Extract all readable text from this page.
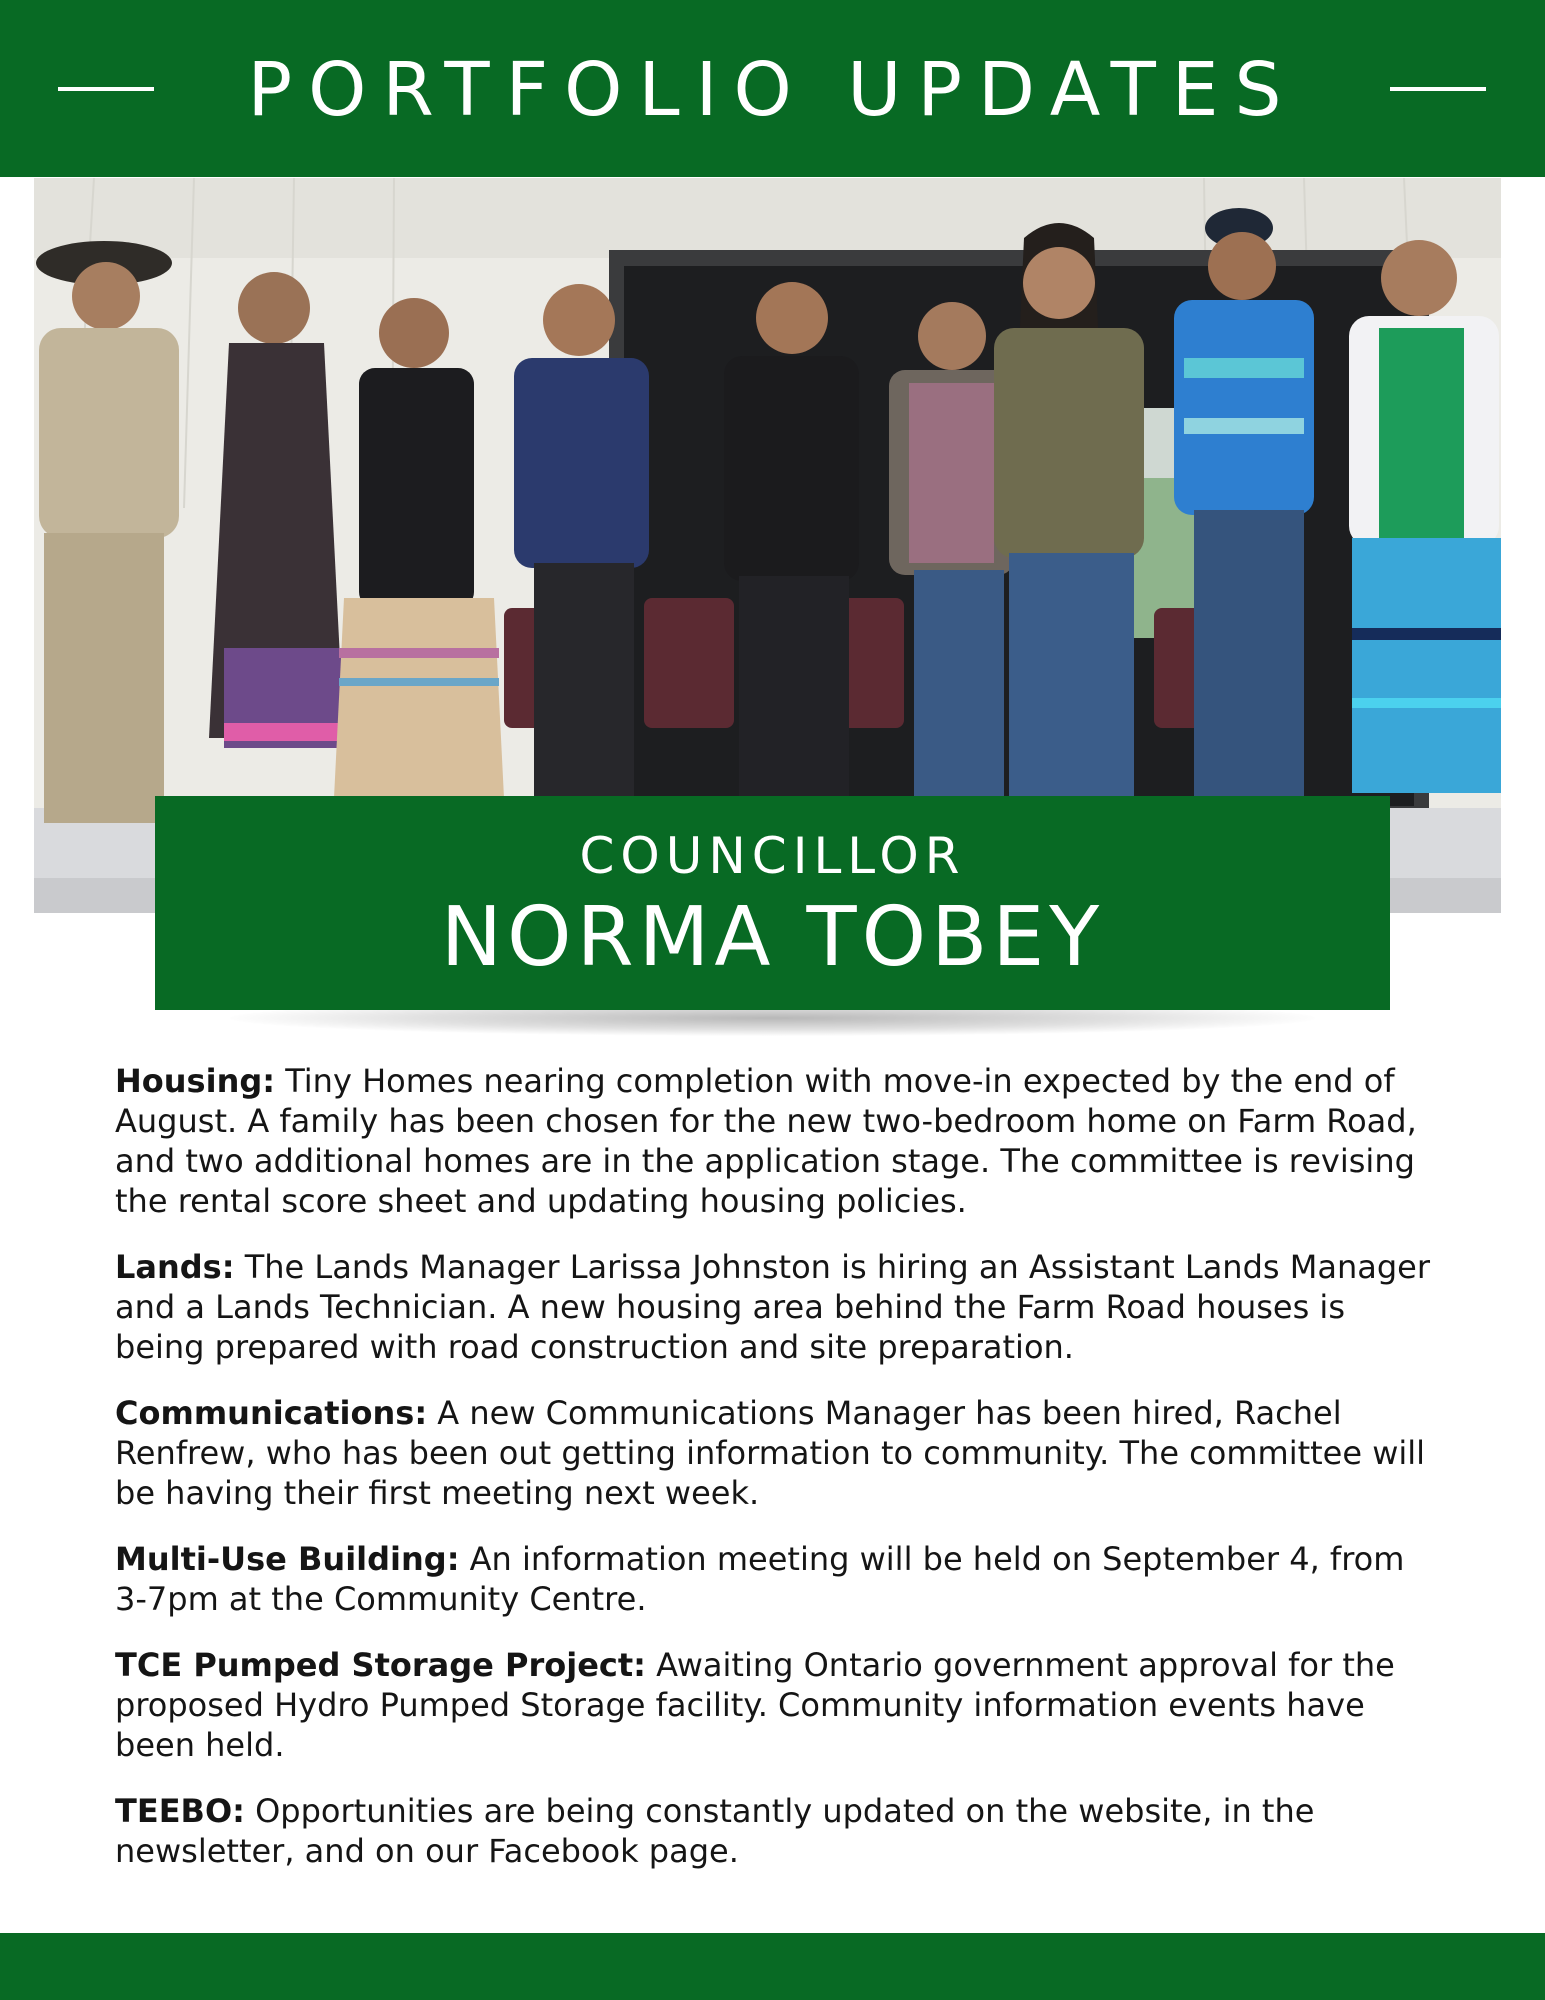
PORTFOLIO UPDATES
COUNCILLOR
NORMA TOBEY

Housing: Tiny Homes nearing completion with move-in expected by the end of August. A family has been chosen for the new two-bedroom home on Farm Road, and two additional homes are in the application stage. The committee is revising the rental score sheet and updating housing policies.

Lands: The Lands Manager Larissa Johnston is hiring an Assistant Lands Manager and a Lands Technician. A new housing area behind the Farm Road houses is being prepared with road construction and site preparation.

Communications: A new Communications Manager has been hired, Rachel Renfrew, who has been out getting information to community. The committee will be having their first meeting next week.

Multi-Use Building: An information meeting will be held on September 4, from 3-7pm at the Community Centre.

TCE Pumped Storage Project: Awaiting Ontario government approval for the proposed Hydro Pumped Storage facility. Community information events have been held.

TEEBO: Opportunities are being constantly updated on the website, in the newsletter, and on our Facebook page.
